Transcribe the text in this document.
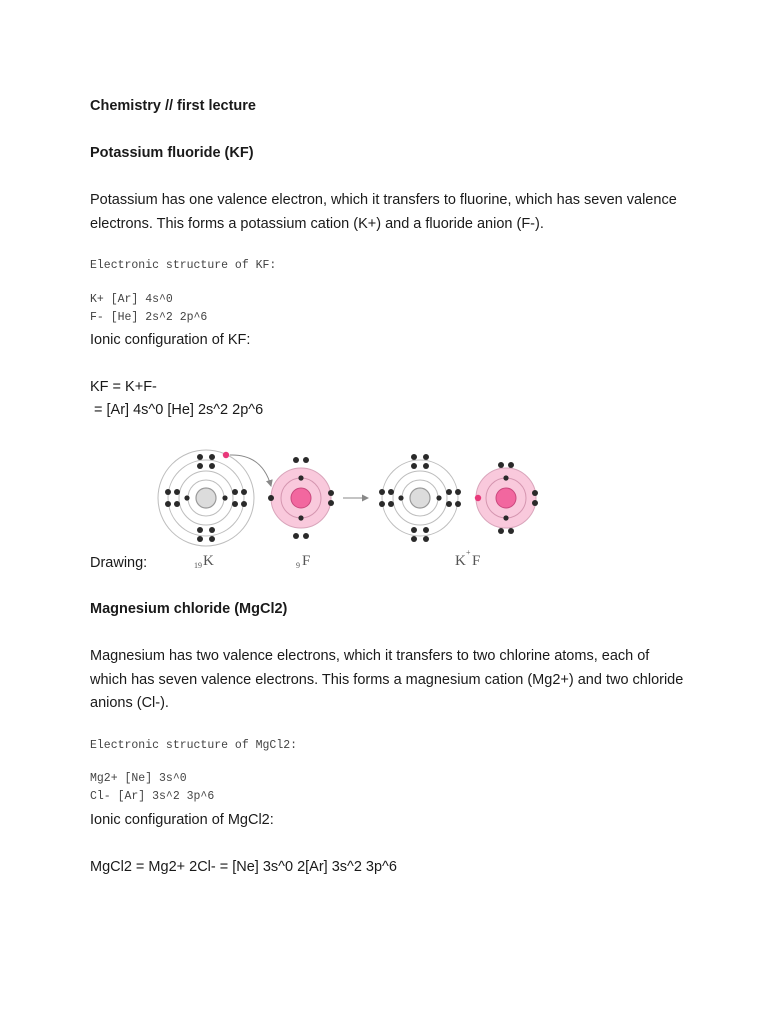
Chemistry // first lecture

Potassium fluoride (KF)

Potassium has one valence electron, which it transfers to fluorine, which has seven valence electrons. This forms a potassium cation (K+) and a fluoride anion (F-).

Electronic structure of KF:

K+ [Ar] 4s^0

F- [He] 2s^2 2p^6

Ionic configuration of KF:

KF = K+F-

= [Ar] 4s^0 [He] 2s^2 2p^6

Drawing:

Magnesium chloride (MgCl2)

Magnesium has two valence electrons, which it transfers to two chlorine atoms, each of which has seven valence electrons. This forms a magnesium cation (Mg2+) and two chloride anions (Cl-).

Electronic structure of MgCl2:

Mg2+ [Ne] 3s^0

Cl- [Ar] 3s^2 3p^6

Ionic configuration of MgCl2:

MgCl2 = Mg2+ 2Cl- = [Ne] 3s^0 2[Ar] 3s^2 3p^6

19 K	9 F	K
+
F
